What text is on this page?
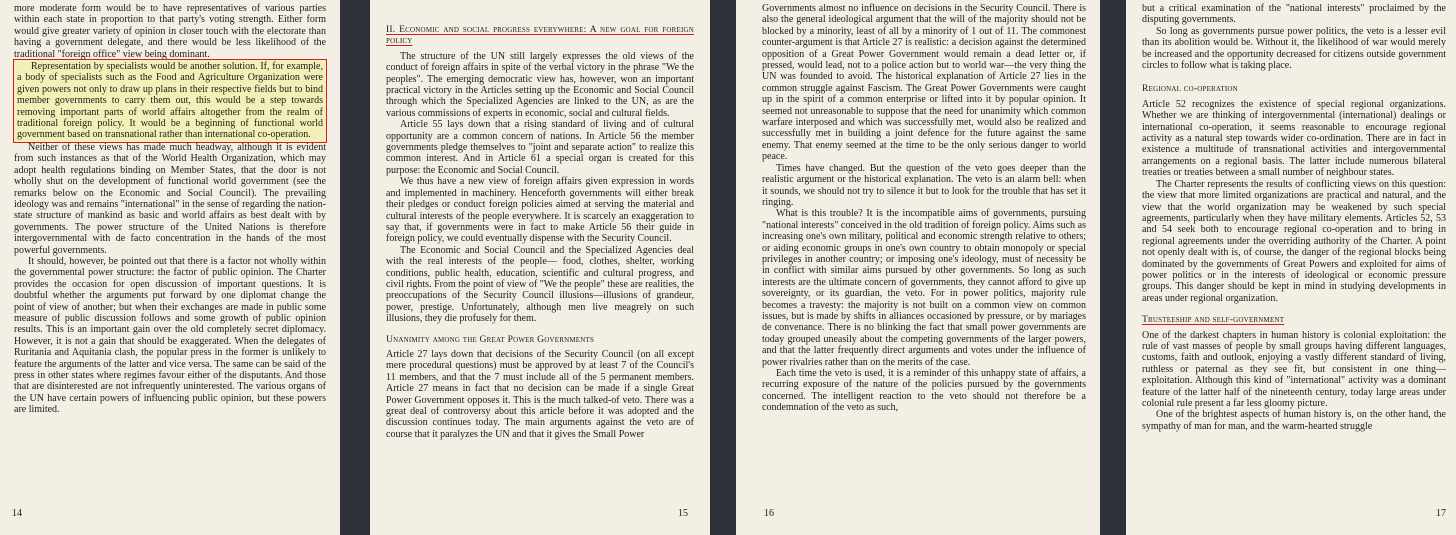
more moderate form would be to have representatives of various parties within each state in proportion to that party's voting strength. Either form would give greater variety of opinion in closer touch with the electorate than having a government delegate, and there would be less likelihood of the traditional "foreign office" view being dominant.

Representation by specialists would be another solution. If, for example, a body of specialists such as the Food and Agriculture Organization were given powers not only to draw up plans in their respective fields but to bind member governments to carry them out, this would be a step towards removing important parts of world affairs altogether from the realm of traditional foreign policy. It would be a beginning of functional world government based on transnational rather than international co-operation.

Neither of these views has made much headway, although it is evident from such instances as that of the World Health Organization, which may adopt health regulations binding on Member States, that the door is not wholly shut on the development of functional world government (see the remarks below on the Economic and Social Council). The prevailing ideology was and remains "international" in the sense of regarding the nation-state structure of mankind as basic and world affairs as best dealt with by governments. The power structure of the United Nations is therefore intergovernmental with de facto concentration in the hands of the most powerful governments.

It should, however, be pointed out that there is a factor not wholly within the governmental power structure: the factor of public opinion. The Charter provides the occasion for open discussion of important questions. It is doubtful whether the arguments put forward by one diplomat change the point of view of another; but when their exchanges are made in public some measure of public discussion follows and some growth of public opinion results. This is an important gain over the old completely secret diplomacy. However, it is not a gain that should be exaggerated. When the delegates of Ruritania and Aquitania clash, the popular press in the former is unlikely to feature the arguments of the latter and vice versa. The same can be said of the press in other states where regimes favour either of the disputants. And those that are disinterested are not infrequently uninterested. The various organs of the UN have certain powers of influencing public opinion, but these powers are limited.

14
II. Economic and social progress everywhere: A new goal for foreign policy

The structure of the UN still largely expresses the old views of the conduct of foreign affairs in spite of the verbal victory in the phrase "We the peoples". The emerging democratic view has, however, won an important practical victory in the Articles setting up the Economic and Social Council through which the Specialized Agencies are linked to the UN, as are the various commissions of experts in economic, social and cultural fields.

Article 55 lays down that a rising standard of living and of cultural opportunity are a common concern of nations. In Article 56 the member governments pledge themselves to "joint and separate action" to realize this common interest. And in Article 61 a special organ is created for this purpose: the Economic and Social Council.

We thus have a new view of foreign affairs given expression in words and implemented in machinery. Henceforth governments will either break their pledges or conduct foreign policies aimed at serving the material and cultural interests of the people everywhere. It is scarcely an exaggeration to say that, if governments were in fact to make Article 56 their guide in foreign policy, we could eventually dispense with the Security Council.

The Economic and Social Council and the Specialized Agencies deal with the real interests of the people— food, clothes, shelter, working conditions, public health, education, scientific and cultural progress, and civil rights. From the point of view of "We the people" these are realities, the preoccupations of the Security Council illusions—illusions of grandeur, power, prestige. Unfortunately, although men live meagrely on such illusions, they die profusely for them.

Unanimity among the Great Power Governments

Article 27 lays down that decisions of the Security Council (on all except mere procedural questions) must be approved by at least 7 of the Council's 11 members, and that the 7 must include all of the 5 permanent members. Article 27 means in fact that no decision can be made if a single Great Power Government opposes it. This is the much talked-of veto. There was a great deal of controversy about this article before it was adopted and the discussion continues today. The main arguments against the veto are of course that it paralyzes the UN and that it gives the Small Power

15

Governments almost no influence on decisions in the Security Council. There is also the general ideological argument that the will of the majority should not be blocked by a minority, least of all by a minority of 1 out of 11. The commonest counter-argument is that Article 27 is realistic: a decision against the determined opposition of a Great Power Government would remain a dead letter or, if pressed, would lead, not to a police action but to world war—the very thing the UN was founded to avoid. The historical explanation of Article 27 lies in the common struggle against Fascism. The Great Power Governments were caught up in the spirit of a common enterprise or lifted into it by popular opinion. It seemed not unreasonable to suppose that the need for unanimity which common warfare interposed and which was successfully met, would also be realized and successfully met in building a joint defence for the future against the same enemy. That enemy seemed at the time to be the only serious danger to world peace.

Times have changed. But the question of the veto goes deeper than the realistic argument or the historical explanation. The veto is an alarm bell: when it sounds, we should not try to silence it but to look for the trouble that has set it ringing.

What is this trouble? It is the incompatible aims of governments, pursuing "national interests" conceived in the old tradition of foreign policy. Aims such as increasing one's own military, political and economic strength relative to others; or aiding economic groups in one's own country to obtain monopoly or special privileges in another country; or imposing one's ideology, must of necessity be in conflict with similar aims pursued by other governments. So long as such interests are the ultimate concern of governments, they cannot afford to give up sovereignty, or its guardian, the veto. For in power politics, majority rule becomes a travesty: the majority is not built on a common view on common issues, but is made by shifts in alliances occasioned by pressure, or by mariages de convenance. There is no blinking the fact that small power governments are today grouped uneasily about the competing governments of the larger powers, and that the latter frequently direct arguments and votes under the influence of power rivalries rather than on the merits of the case.

Each time the veto is used, it is a reminder of this unhappy state of affairs, a recurring exposure of the nature of the policies pursued by the governments concerned. The intelligent reaction to the veto should not therefore be a condemnation of the veto as such,

16

but a critical examination of the "national interests" proclaimed by the disputing governments.

So long as governments pursue power politics, the veto is a lesser evil than its abolition would be. Without it, the likelihood of war would merely be increased and the opportunity decreased for citizens outside government circles to follow what is taking place.

Regional co-operation

Article 52 recognizes the existence of special regional organizations. Whether we are thinking of intergovernmental (international) dealings or international co-operation, it seems reasonable to encourage regional activity as a natural step towards wider co-ordination. There are in fact in existence a multitude of transnational activities and intergovernmental arrangements on a regional basis. The latter include numerous bilateral treaties or treaties between a small number of neighbour states.

The Charter represents the results of conflicting views on this question: the view that more limited organizations are practical and natural, and the view that the world organization may be weakened by such special agreements, particularly when they have military elements. Articles 52, 53 and 54 seek both to encourage regional co-operation and to bring in regional agreements under the overriding authority of the Charter. A point not openly dealt with is, of course, the danger of the regional blocks being dominated by the governments of Great Powers and exploited for aims of power politics or in the interests of ideological or economic pressure groups. This danger should be kept in mind in studying developments in areas under regional organization.

Trusteeship and self-government

One of the darkest chapters in human history is colonial exploitation: the rule of vast masses of people by small groups having different languages, customs, faith and outlook, enjoying a vastly different standard of living, ruthless or paternal as they see fit, but consistent in one thing—exploitation. Although this kind of "international" activity was a dominant feature of the latter half of the nineteenth century, today large areas under colonial rule present a far less gloomy picture.

One of the brightest aspects of human history is, on the other hand, the sympathy of man for man, and the warm-hearted struggle

17
